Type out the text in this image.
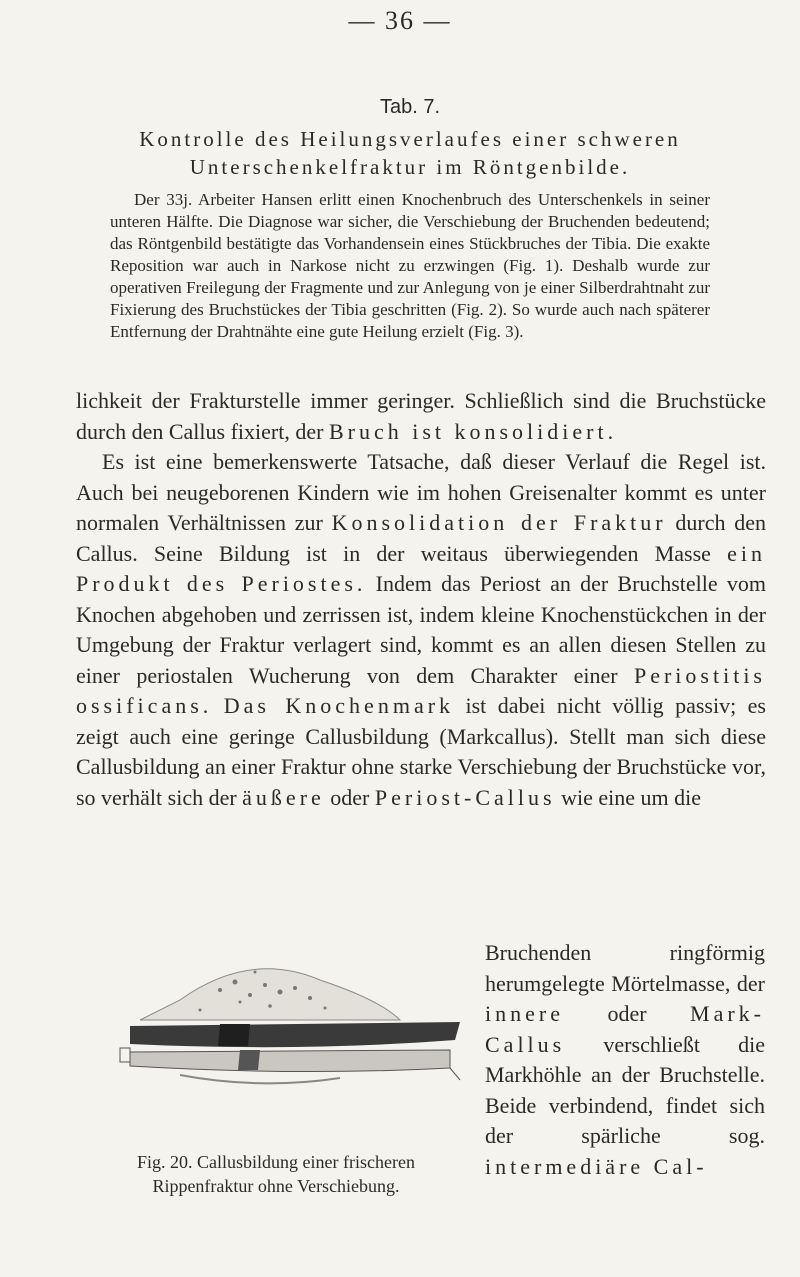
— 36 —
Tab. 7.

Kontrolle des Heilungsverlaufes einer schweren Unterschenkelfraktur im Röntgenbilde.

Der 33j. Arbeiter Hansen erlitt einen Knochenbruch des Unterschenkels in seiner unteren Hälfte. Die Diagnose war sicher, die Verschiebung der Bruchenden bedeutend; das Röntgenbild bestätigte das Vorhandensein eines Stückbruches der Tibia. Die exakte Reposition war auch in Narkose nicht zu erzwingen (Fig. 1). Deshalb wurde zur operativen Freilegung der Fragmente und zur Anlegung von je einer Silberdrahtnaht zur Fixierung des Bruchstückes der Tibia geschritten (Fig. 2). So wurde auch nach späterer Entfernung der Drahtnähte eine gute Heilung erzielt (Fig. 3).

lichkeit der Frakturstelle immer geringer. Schließlich sind die Bruchstücke durch den Callus fixiert, der Bruch ist konsolidiert.

Es ist eine bemerkenswerte Tatsache, daß dieser Verlauf die Regel ist. Auch bei neugeborenen Kindern wie im hohen Greisenalter kommt es unter normalen Verhältnissen zur Konsolidation der Fraktur durch den Callus. Seine Bildung ist in der weitaus überwiegenden Masse ein Produkt des Periostes. Indem das Periost an der Bruchstelle vom Knochen abgehoben und zerrissen ist, indem kleine Knochenstückchen in der Umgebung der Fraktur verlagert sind, kommt es an allen diesen Stellen zu einer periostalen Wucherung von dem Charakter einer Periostitis ossificans. Das Knochenmark ist dabei nicht völlig passiv; es zeigt auch eine geringe Callusbildung (Markcallus). Stellt man sich diese Callusbildung an einer Fraktur ohne starke Verschiebung der Bruchstücke vor, so verhält sich der äußere oder Periost-Callus wie eine um die

Fig. 20. Callusbildung einer frischeren Rippenfraktur ohne Verschiebung.

Bruchenden ringförmig herumgelegte Mörtelmasse, der innere oder Mark-Callus verschließt die Markhöhle an der Bruchstelle. Beide verbindend, findet sich der spärliche sog. intermediäre Cal-
